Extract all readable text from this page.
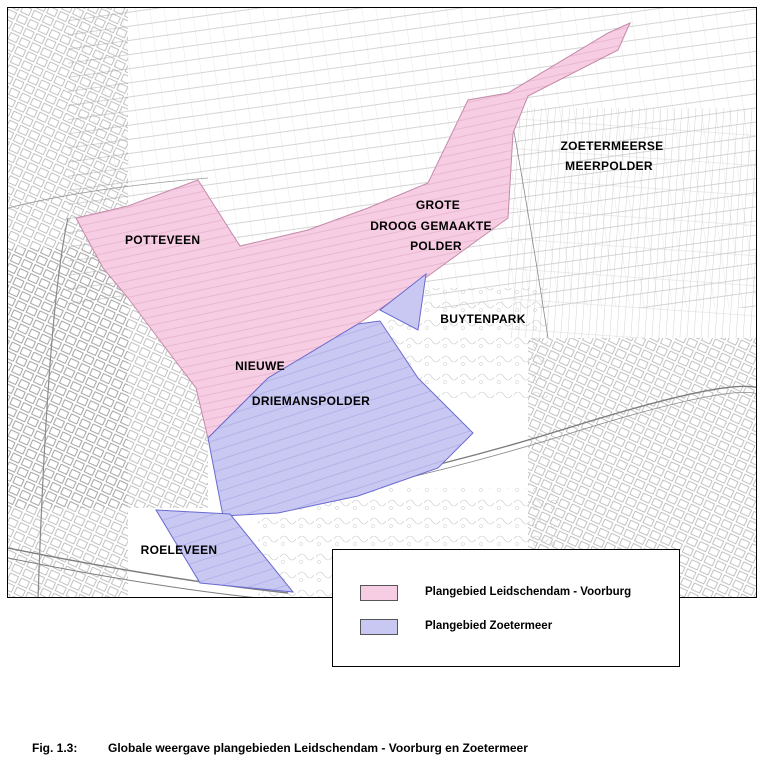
POTTEVEEN
GROTE
DROOG GEMAAKTE
POLDER
ZOETERMEERSE
MEERPOLDER
BUYTENPARK
NIEUWE
DRIEMANSPOLDER
ROELEVEEN
Plangebied Leidschendam - Voorburg
Plangebied Zoetermeer
Fig. 1.3:	Globale weergave plangebieden Leidschendam - Voorburg en Zoetermeer
